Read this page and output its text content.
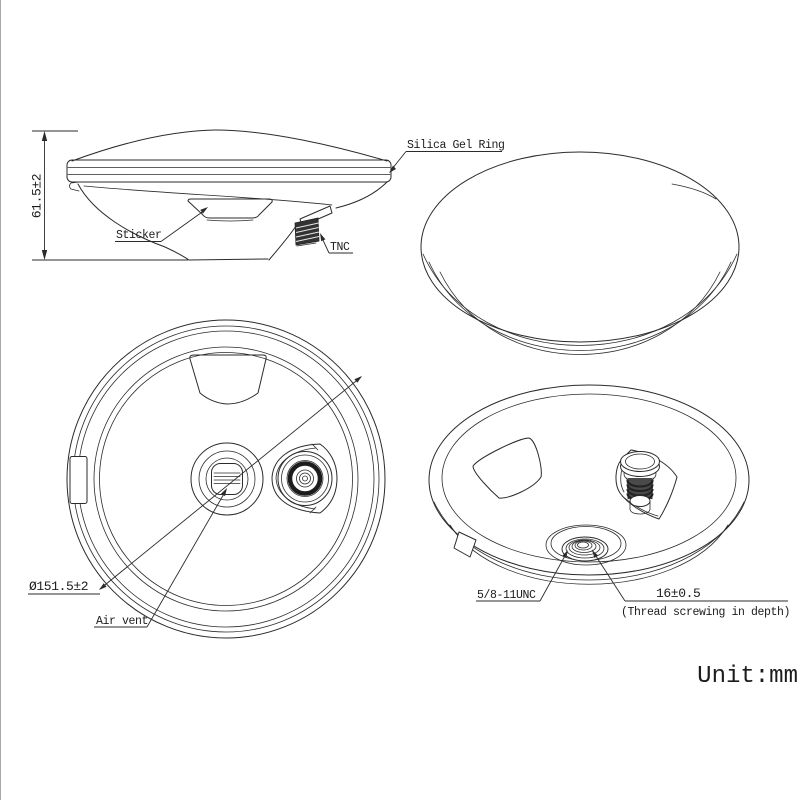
61.5±2
Silica Gel Ring
Sticker
TNC
Ø151.5±2
Air vent
5/8-11UNC	16±0.5
(Thread screwing in depth)
Unit:mm
